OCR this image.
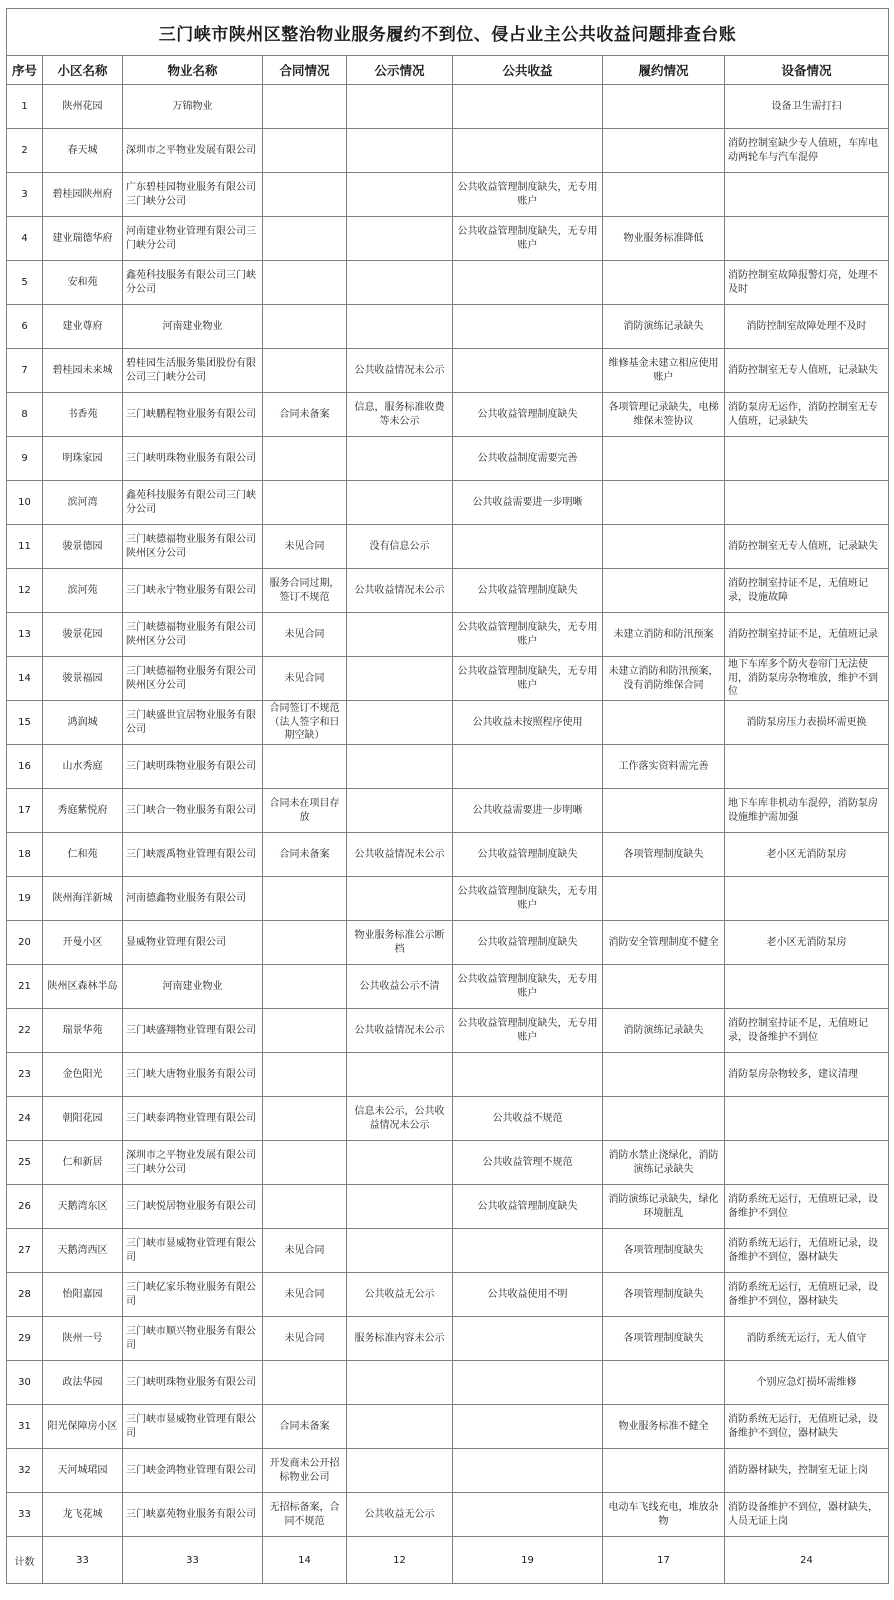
三门峡市陕州区整治物业服务履约不到位、侵占业主公共收益问题排查台账							
序号	小区名称	物业名称	合同情况	公示情况	公共收益	履约情况	设备情况
1	陕州花园	万锦物业					设备卫生需打扫
2	春天城	深圳市之平物业发展有限公司					消防控制室缺少专人值班，车库电动两轮车与汽车混停
3	碧桂园陕州府	广东碧桂园物业服务有限公司三门峡分公司			公共收益管理制度缺失，无专用账户		
4	建业瑞德华府	河南建业物业管理有限公司三门峡分公司			公共收益管理制度缺失，无专用账户	物业服务标准降低	
5	安和苑	鑫苑科技服务有限公司三门峡分公司					消防控制室故障报警灯亮，处理不及时
6	建业尊府	河南建业物业				消防演练记录缺失	消防控制室故障处理不及时
7	碧桂园未来城	碧桂园生活服务集团股份有限公司三门峡分公司		公共收益情况未公示		维修基金未建立相应使用账户	消防控制室无专人值班，记录缺失
8	书香苑	三门峡鹏程物业服务有限公司	合同未备案	信息，服务标准收费等未公示	公共收益管理制度缺失	各项管理记录缺失，电梯维保未签协议	消防泵房无运作，消防控制室无专人值班，记录缺失
9	明珠家园	三门峡明珠物业服务有限公司			公共收益制度需要完善		
10	滨河湾	鑫苑科技服务有限公司三门峡分公司			公共收益需要进一步明晰		
11	骏景德园	三门峡德福物业服务有限公司陕州区分公司	未见合同	没有信息公示			消防控制室无专人值班，记录缺失
12	滨河苑	三门峡永宁物业服务有限公司	服务合同过期，签订不规范	公共收益情况未公示	公共收益管理制度缺失		消防控制室持证不足，无值班记录，设施故障
13	骏景花园	三门峡德福物业服务有限公司陕州区分公司	未见合同		公共收益管理制度缺失，无专用账户	未建立消防和防汛预案	消防控制室持证不足，无值班记录
14	骏景福园	三门峡德福物业服务有限公司陕州区分公司	未见合同		公共收益管理制度缺失，无专用账户	未建立消防和防汛预案，没有消防维保合同	地下车库多个防火卷帘门无法使用，消防泵房杂物堆放，维护不到位
15	鸿润城	三门峡盛世宜居物业服务有限公司	合同签订不规范（法人签字和日期空缺）		公共收益未按照程序使用		消防泵房压力表损坏需更换
16	山水秀庭	三门峡明珠物业服务有限公司				工作落实资料需完善	
17	秀庭紫悦府	三门峡合一物业服务有限公司	合同未在项目存放		公共收益需要进一步明晰		地下车库非机动车混停，消防泵房设施维护需加强
18	仁和苑	三门峡震禹物业管理有限公司	合同未备案	公共收益情况未公示	公共收益管理制度缺失	各项管理制度缺失	老小区无消防泵房
19	陕州海洋新城	河南德鑫物业服务有限公司			公共收益管理制度缺失，无专用账户		
20	开曼小区	显威物业管理有限公司		物业服务标准公示断档	公共收益管理制度缺失	消防安全管理制度不健全	老小区无消防泵房
21	陕州区森林半岛	河南建业物业		公共收益公示不清	公共收益管理制度缺失，无专用账户		
22	瑞景华苑	三门峡盛翔物业管理有限公司		公共收益情况未公示	公共收益管理制度缺失，无专用账户	消防演练记录缺失	消防控制室持证不足，无值班记录，设备维护不到位
23	金色阳光	三门峡大唐物业服务有限公司					消防泵房杂物较多，建议清理
24	朝阳花园	三门峡泰鸿物业管理有限公司		信息未公示，公共收益情况未公示	公共收益不规范		
25	仁和新居	深圳市之平物业发展有限公司三门峡分公司			公共收益管理不规范	消防水禁止浇绿化，消防演练记录缺失	
26	天鹅湾东区	三门峡悦居物业服务有限公司			公共收益管理制度缺失	消防演练记录缺失，绿化环境脏乱	消防系统无运行，无值班记录，设备维护不到位
27	天鹅湾西区	三门峡市显威物业管理有限公司	未见合同			各项管理制度缺失	消防系统无运行，无值班记录，设备维护不到位，器材缺失
28	怡阳嘉园	三门峡亿家乐物业服务有限公司	未见合同	公共收益无公示	公共收益使用不明	各项管理制度缺失	消防系统无运行，无值班记录，设备维护不到位，器材缺失
29	陕州一号	三门峡市顺兴物业服务有限公司	未见合同	服务标准内容未公示		各项管理制度缺失	消防系统无运行，无人值守
30	政法华园	三门峡明珠物业服务有限公司					个别应急灯损坏需维修
31	阳光保障房小区	三门峡市显威物业管理有限公司	合同未备案			物业服务标准不健全	消防系统无运行，无值班记录，设备维护不到位，器材缺失
32	天河城珺园	三门峡金鸿物业管理有限公司	开发商未公开招标物业公司				消防器材缺失，控制室无证上岗
33	龙飞花城	三门峡嘉苑物业服务有限公司	无招标备案，合同不规范	公共收益无公示		电动车飞线充电，堆放杂物	消防设备维护不到位，器材缺失，人员无证上岗
计数	33	33	14	12	19	17	24
